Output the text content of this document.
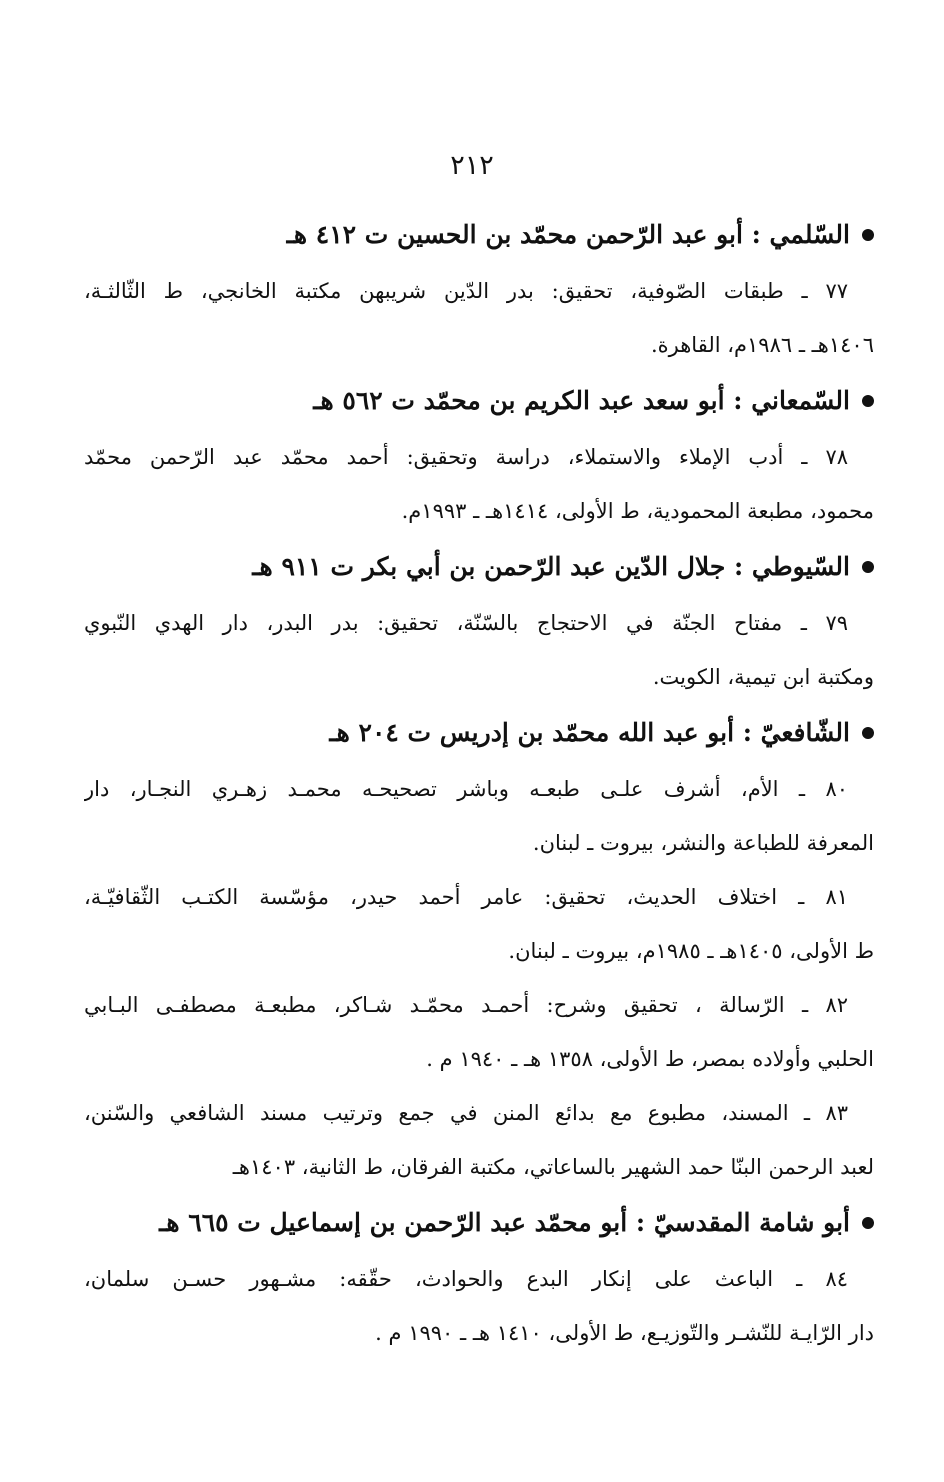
٢١٢
السّلمي : أبو عبد الرّحمن محمّد بن الحسين ت ٤١٢ هـ
٧٧ ـ طبقات الصّوفية، تحقيق: بدر الدّين شريبهن مكتبة الخانجي، ط الثّالثـة،
١٤٠٦هـ ـ ١٩٨٦م، القاهرة.
السّمعاني : أبو سعد عبد الكريم بن محمّد ت ٥٦٢ هـ
٧٨ ـ أدب الإملاء والاستملاء، دراسة وتحقيق: أحمد محمّد عبد الرّحمن محمّد
محمود، مطبعة المحمودية، ط الأولى، ١٤١٤هـ ـ ١٩٩٣م.
السّيوطي : جلال الدّين عبد الرّحمن بن أبي بكر ت ٩١١ هـ
٧٩ ـ مفتاح الجنّة في الاحتجاج بالسّنّة، تحقيق: بدر البدر، دار الهدي النّبوي
ومكتبة ابن تيمية، الكويت.
الشّافعيّ : أبو عبد الله محمّد بن إدريس ت ٢٠٤ هـ
٨٠ ـ الأم، أشرف علـى طبعـه وباشر تصحيحـه محمـد زهـري النجـار، دار
المعرفة للطباعة والنشر، بيروت ـ لبنان.
٨١ ـ اختلاف الحديث، تحقيق: عامر أحمد حيدر، مؤسّسة الكتـب الثّقافيّـة،
ط الأولى، ١٤٠٥هـ ـ ١٩٨٥م، بيروت ـ لبنان.
٨٢ ـ الرّسالة ، تحقيق وشرح: أحمـد محمّـد شـاكر، مطبعـة مصطفـى البـابي
الحلبي وأولاده بمصر، ط الأولى، ١٣٥٨ هـ ـ ١٩٤٠ م .
٨٣ ـ المسند، مطبوع مع بدائع المنن في جمع وترتيب مسند الشافعي والسّنن،
لعبد الرحمن البنّا حمد الشهير بالساعاتي، مكتبة الفرقان، ط الثانية، ١٤٠٣هـ
أبو شامة المقدسيّ : أبو محمّد عبد الرّحمن بن إسماعيل ت ٦٦٥ هـ
٨٤ ـ الباعث على إنكار البدع والحوادث، حقّقه: مشـهور حسـن سلمان،
دار الرّايـة للنّشـر والتّوزيـع، ط الأولى، ١٤١٠ هـ ـ ١٩٩٠ م .
